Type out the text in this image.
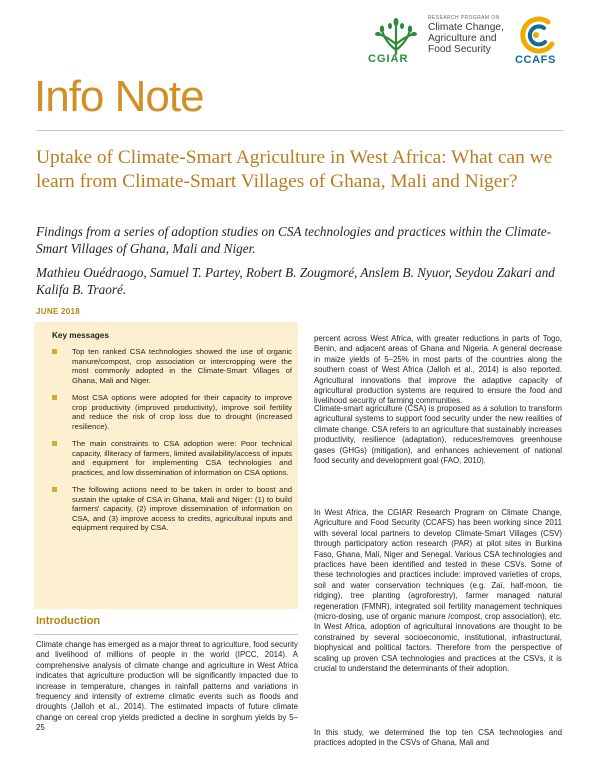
CGIAR
RESEARCH PROGRAM ON
Climate Change, Agriculture and Food Security
CCAFS
Info Note
Uptake of Climate-Smart Agriculture in West Africa: What can we learn from Climate-Smart Villages of Ghana, Mali and Niger?

Findings from a series of adoption studies on CSA technologies and practices within the Climate-Smart Villages of Ghana, Mali and Niger.

Mathieu Ouédraogo, Samuel T. Partey, Robert B. Zougmoré, Anslem B. Nyuor, Seydou Zakari and Kalifa B. Traoré.

JUNE 2018
Key messages
Top ten ranked CSA technologies showed the use of organic manure/compost, crop association or intercropping were the most commonly adopted in the Climate-Smart Villages of Ghana, Mali and Niger.
Most CSA options were adopted for their capacity to improve crop productivity (improved productivity), improve soil fertility and reduce the risk of crop loss due to drought (increased resilience).
The main constraints to CSA adoption were: Poor technical capacity, illiteracy of farmers, limited availability/access of inputs and equipment for implementing CSA technologies and practices, and low dissemination of information on CSA options.
The following actions need to be taken in order to boost and sustain the uptake of CSA in Ghana, Mali and Niger: (1) to build farmers' capacity, (2) improve dissemination of information on CSA, and (3) improve access to credits, agricultural inputs and equipment required by CSA.
Introduction

Climate change has emerged as a major threat to agriculture, food security and livelihood of millions of people in the world (IPCC, 2014). A comprehensive analysis of climate change and agriculture in West Africa indicates that agriculture production will be significantly impacted due to increase in temperature, changes in rainfall patterns and variations in frequency and intensity of extreme climatic events such as floods and droughts (Jalloh et al., 2014). The estimated impacts of future climate change on cereal crop yields predicted a decline in sorghum yields by 5–25

percent across West Africa, with greater reductions in parts of Togo, Benin, and adjacent areas of Ghana and Nigeria. A general decrease in maize yields of 5–25% in most parts of the countries along the southern coast of West Africa (Jalloh et al., 2014) is also reported. Agricultural innovations that improve the adaptive capacity of agricultural production systems are required to ensure the food and livelihood security of farming communities.

Climate-smart agriculture (CSA) is proposed as a solution to transform agricultural systems to support food security under the new realities of climate change. CSA refers to an agriculture that sustainably increases productivity, resilience (adaptation), reduces/removes greenhouse gases (GHGs) (mitigation), and enhances achievement of national food security and development goal (FAO, 2010).

In West Africa, the CGIAR Research Program on Climate Change, Agriculture and Food Security (CCAFS) has been working since 2011 with several local partners to develop Climate-Smart Villages (CSV) through participatory action research (PAR) at pilot sites in Burkina Faso, Ghana, Mali, Niger and Senegal. Various CSA technologies and practices have been identified and tested in these CSVs. Some of these technologies and practices include: improved varieties of crops, soil and water conservation techniques (e.g. Zaï, half-moon, tie ridging), tree planting (agroforestry), farmer managed natural regeneration (FMNR), integrated soil fertility management techniques (micro-dosing, use of organic manure /compost, crop association), etc. In West Africa, adoption of agricultural innovations are thought to be constrained by several socioeconomic, institutional, infrastructural, biophysical and political factors. Therefore from the perspective of scaling up proven CSA technologies and practices at the CSVs, it is crucial to understand the determinants of their adoption.

In this study, we determined the top ten CSA technologies and practices adopted in the CSVs of Ghana, Mali and
